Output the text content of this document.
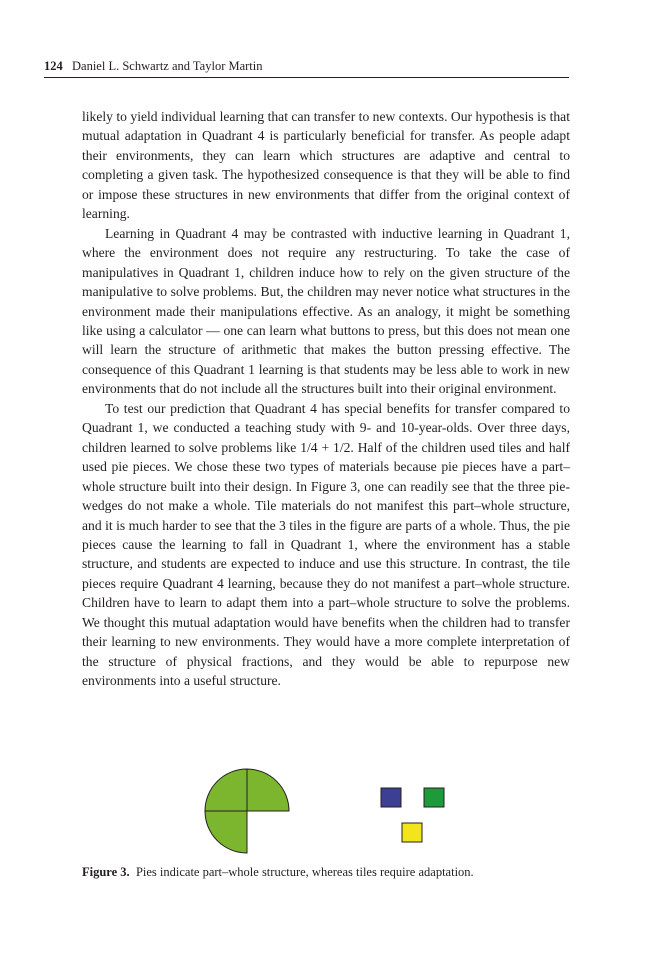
124 Daniel L. Schwartz and Taylor Martin

likely to yield individual learning that can transfer to new contexts. Our hypothesis is that mutual adaptation in Quadrant 4 is particularly beneficial for transfer. As people adapt their environments, they can learn which structures are adaptive and central to completing a given task. The hypothesized consequence is that they will be able to find or impose these structures in new environments that differ from the original context of learning.

Learning in Quadrant 4 may be contrasted with inductive learning in Quadrant 1, where the environment does not require any restructuring. To take the case of manipulatives in Quadrant 1, children induce how to rely on the given structure of the manipulative to solve problems. But, the children may never notice what structures in the environment made their manipulations effective. As an analogy, it might be something like using a calculator — one can learn what buttons to press, but this does not mean one will learn the structure of arithmetic that makes the button pressing effective. The consequence of this Quadrant 1 learning is that students may be less able to work in new environments that do not include all the structures built into their original environment.

To test our prediction that Quadrant 4 has special benefits for transfer compared to Quadrant 1, we conducted a teaching study with 9- and 10-year-olds. Over three days, children learned to solve problems like 1/4 + 1/2. Half of the children used tiles and half used pie pieces. We chose these two types of materials because pie pieces have a part–whole structure built into their design. In Figure 3, one can readily see that the three pie-wedges do not make a whole. Tile materials do not manifest this part–whole structure, and it is much harder to see that the 3 tiles in the figure are parts of a whole. Thus, the pie pieces cause the learning to fall in Quadrant 1, where the environment has a stable structure, and students are expected to induce and use this structure. In contrast, the tile pieces require Quadrant 4 learning, because they do not manifest a part–whole structure. Children have to learn to adapt them into a part–whole structure to solve the problems. We thought this mutual adaptation would have benefits when the children had to transfer their learning to new environments. They would have a more complete interpretation of the structure of physical fractions, and they would be able to repurpose new environments into a useful structure.

Figure 3. Pies indicate part–whole structure, whereas tiles require adaptation.
